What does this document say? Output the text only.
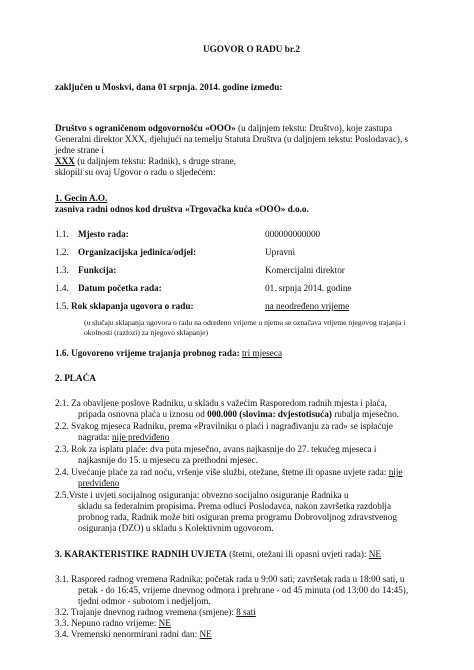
UGOVOR O RADU br.2
zaključen u Moskvi, dana 01 srpnja. 2014. godine između:
Društvo s ograničenom odgovornošću «OOO» (u daljnjem tekstu: Društvo), koje zastupa
Generalni direktor XXX, djelujući na temelju Statuta Društva (u daljnjem tekstu: Poslodavac), s
jedne strane i
XXX (u daljnjem tekstu: Radnik), s druge strane,
sklopili su ovaj Ugovor o radu o sljedećem:
1. Gecin A.O.
zasniva radni odnos kod društva «Trgovačka kuća «OOO» d.o.o.
1.1. Mjesto rada:	000000000000
1.2. Organizacijska jedinica/odjel:	Upravni
1.3. Funkcija:	Komercijalni direktor
1.4. Datum početka rada:	01. srpnja 2014. godine
1.5. Rok sklapanja ugovora o radu:	na neodređeno vrijeme
(u slučaju sklapanja ugovora o radu na određeno vrijeme u njemu se označava vrijeme njegovog trajanja i
okolnosti (razlozi) za njegovo sklapanje)
1.6. Ugovoreno vrijeme trajanja probnog rada: tri mjeseca
2. PLAĆA
2.1. Za obavljene poslove Radniku, u skladu s važećim Rasporedom radnih mjesta i plaća,
pripada osnovna plaća u iznosu od 000.000 (slovima: dvjestotisuća) rubalja mjesečno.
2.2. Svakog mjeseca Radniku, prema «Pravilniku o plaći i nagrađivanju za rad» se isplaćuje
nagrada: nije predviđeno
2.3. Rok za isplatu plaće: dva puta mjesečno, avans najkasnije do 27. tekućeg mjeseca i
najkasnije do 15. u mjesecu za prethodni mjesec.
2.4. Uvećanje plaće za rad noću, vršenje više službi, otežane, štetne ili opasne uvjete rada: nije
predviđeno
2.5.Vrste i uvjeti socijalnog osiguranja: obvezno socijalno osiguranje Radnika u
skladu sa federalnim propisima. Prema odluci Poslodavca, nakon završetka razdoblja
probnog rada, Radnik može biti osiguran prema programu Dobrovoljnog zdravstvenog
osiguranja (DZO) u skladu s Kolektivnim ugovorom.
3. KARAKTERISTIKE RADNIH UVJETA (štetni, otežani ili opasni uvjeti rada): NE
3.1. Raspored radnog vremena Radnika: početak rada u 9:00 sati; završetak rada u 18:00 sati, u
petak - do 16:45, vrijeme dnevnog odmora i prehrane - od 45 minuta (od 13:00 do 14:45),
tjedni odmor - subotom i nedjeljom.
3.2. Trajanje dnevnog radnog vremena (smjene): 8 sati
3.3. Nepuno radno vrijeme: NE
3.4. Vremenski nenormirani radni dan: NE
